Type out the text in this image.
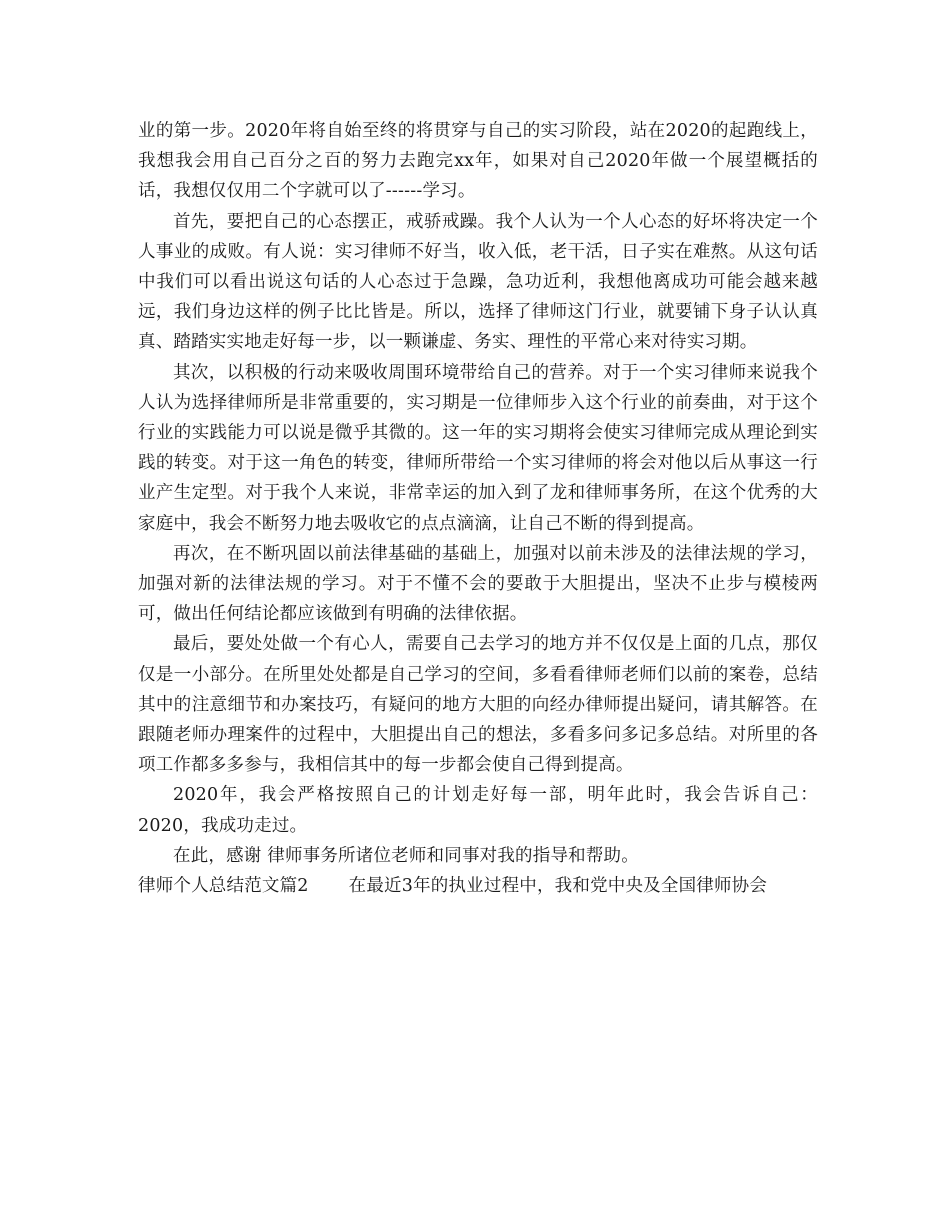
业的第一步。2020年将自始至终的将贯穿与自己的实习阶段，站在2020的起跑线上，我想我会用自己百分之百的努力去跑完xx年，如果对自己2020年做一个展望概括的话，我想仅仅用二个字就可以了------学习。

首先，要把自己的心态摆正，戒骄戒躁。我个人认为一个人心态的好坏将决定一个人事业的成败。有人说：实习律师不好当，收入低，老干活，日子实在难熬。从这句话中我们可以看出说这句话的人心态过于急躁，急功近利，我想他离成功可能会越来越远，我们身边这样的例子比比皆是。所以，选择了律师这门行业，就要铺下身子认认真真、踏踏实实地走好每一步，以一颗谦虚、务实、理性的平常心来对待实习期。

其次，以积极的行动来吸收周围环境带给自己的营养。对于一个实习律师来说我个人认为选择律师所是非常重要的，实习期是一位律师步入这个行业的前奏曲，对于这个行业的实践能力可以说是微乎其微的。这一年的实习期将会使实习律师完成从理论到实践的转变。对于这一角色的转变，律师所带给一个实习律师的将会对他以后从事这一行业产生定型。对于我个人来说，非常幸运的加入到了龙和律师事务所，在这个优秀的大家庭中，我会不断努力地去吸收它的点点滴滴，让自己不断的得到提高。

再次，在不断巩固以前法律基础的基础上，加强对以前未涉及的法律法规的学习，加强对新的法律法规的学习。对于不懂不会的要敢于大胆提出，坚决不止步与模棱两可，做出任何结论都应该做到有明确的法律依据。

最后，要处处做一个有心人，需要自己去学习的地方并不仅仅是上面的几点，那仅仅是一小部分。在所里处处都是自己学习的空间，多看看律师老师们以前的案卷，总结其中的注意细节和办案技巧，有疑问的地方大胆的向经办律师提出疑问，请其解答。在跟随老师办理案件的过程中，大胆提出自己的想法，多看多问多记多总结。对所里的各项工作都多多参与，我相信其中的每一步都会使自己得到提高。

2020年，我会严格按照自己的计划走好每一部，明年此时，我会告诉自己：2020，我成功走过。

在此，感谢 律师事务所诸位老师和同事对我的指导和帮助。

律师个人总结范文篇2 在最近3年的执业过程中，我和党中央及全国律师协会
